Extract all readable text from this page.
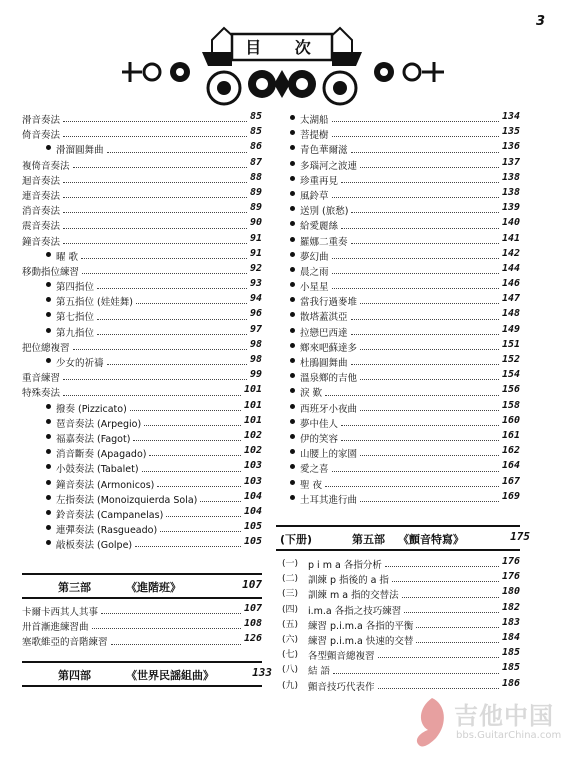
3
目 次
滑音奏法	85
倚音奏法	85
滑溜圓舞曲	86
複倚音奏法	87
迴音奏法	88
連音奏法	89
消音奏法	89
震音奏法	90
鐘音奏法	91
曜 歌	91
移動指位練習	92
第四指位	93
第五指位 (娃娃舞)	94
第七指位	96
第九指位	97
把位總複習	98
少女的祈禱	98
重音練習	99
特殊奏法	101
撥奏 (Pizzicato)	101
琶音奏法 (Arpegio)	101
福嘉奏法 (Fagot)	102
消音斷奏 (Apagado)	102
小鼓奏法 (Tabalet)	103
鐘音奏法 (Armonicos)	103
左指奏法 (Monoizquierda Sola)	104
鈴音奏法 (Campanelas)	104
連彈奏法 (Rasgueado)	105
敲板奏法 (Golpe)	105
太湖船	134
菩提樹	135
青色華爾滋	136
多瑙河之波連	137
珍重再見	138
風鈴草	138
送別 (旅愁)	139
給愛麗絲	140
羅娜二重奏	141
夢幻曲	142
晨之雨	144
小星星	146
當我行過麥堆	147
散塔蓋淇亞	148
拉戀巴西達	149
鄉來吧蘇達多	151
杜鵑圓舞曲	152
溫泉鄉的吉他	154
淚 歎	156
西班牙小夜曲	158
夢中佳人	160
伊的笑容	161
山腰上的家園	162
愛之喜	164
聖 夜	167
土耳其進行曲	169
第三部	《進階班》	107
卡爾卡西其人其事	107
卅首漸進練習曲	108
塞歌維亞的音階練習	126
第四部	《世界民謡組曲》	133
(下册)	第五部 《顫音特寫》	175
(一) p i m a 各指分析	176
(二) 訓練 p 指後的 a 指	176
(三) 訓練 m a 指的交替法	180
(四) i.m.a 各指之技巧練習	182
(五) 練習 p.i.m.a 各指的平衡	183
(六) 練習 p.i.m.a 快速的交替	184
(七) 各型顫音總複習	185
(八) 結 語	185
(九) 顫音技巧代表作	186
吉他中国
bbs.GuitarChina.com
